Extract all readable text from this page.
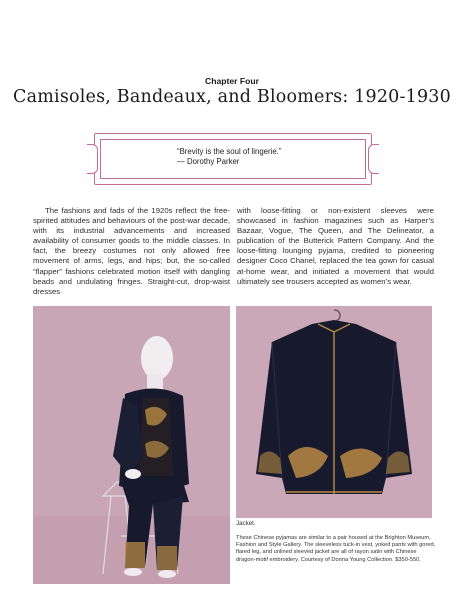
Chapter Four
Camisoles, Bandeaux, and Bloomers: 1920-1930
“Brevity is the soul of lingerie.”
— Dorothy Parker
The fashions and fads of the 1920s reflect the free-spirited attitudes and behaviours of the post-war decade, with its industrial advancements and increased availability of consumer goods to the middle classes. In fact, the breezy costumes not only allowed free movement of arms, legs, and hips; but, the so-called “flapper” fashions celebrated motion itself with dangling beads and undulating fringes. Straight-cut, drop-waist dresses
with loose-fitting or non-existent sleeves were showcased in fashion magazines such as Harper’s Bazaar, Vogue, The Queen, and The Delineator, a publication of the Butterick Pattern Company. And the loose-fitting lounging pyjama, credited to pioneering designer Coco Chanel, replaced the tea gown for casual at-home wear, and initiated a movement that would ultimately see trousers accepted as women’s wear.
Jacket.
These Chinese pyjamas are similar to a pair housed at the Brighton Museum, Fashion and Style Gallery. The sleeveless tuck-in vest, yoked pants with gored, flared leg, and unlined sleeved jacket are all of rayon satin with Chinese dragon-motif embroidery. Courtesy of Donna Young Collection. $350-550.
